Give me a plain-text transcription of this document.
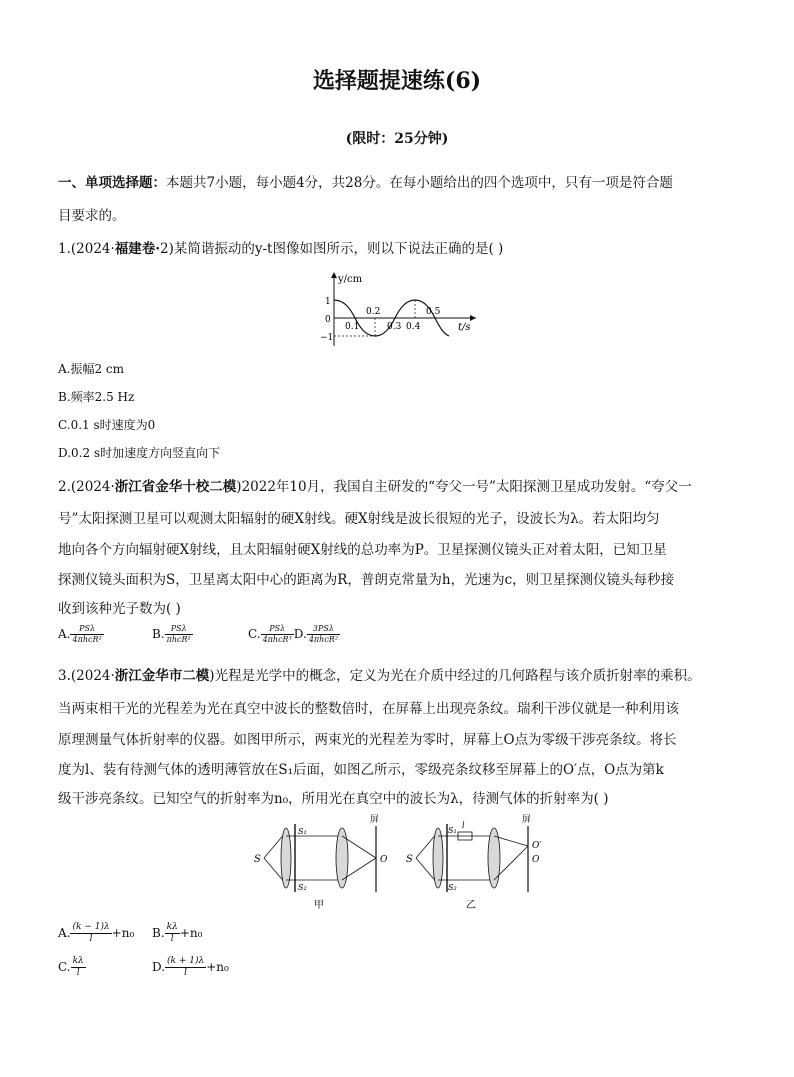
选择题提速练(6)
(限时：25分钟)
一、单项选择题：本题共7小题，每小题4分，共28分。在每小题给出的四个选项中，只有一项是符合题
目要求的。
1.(2024·福建卷·2)某简谐振动的y-t图像如图所示，则以下说法正确的是( )
y/cm
t/s
1
0
−1
0.1
0.2
0.3 0.4
0.5
A.振幅2 cm
B.频率2.5 Hz
C.0.1 s时速度为0
D.0.2 s时加速度方向竖直向下
2.(2024·浙江省金华十校二模)2022年10月，我国自主研发的“夸父一号”太阳探测卫星成功发射。“夸父一
号”太阳探测卫星可以观测太阳辐射的硬X射线。硬X射线是波长很短的光子，设波长为λ。若太阳均匀
地向各个方向辐射硬X射线，且太阳辐射硬X射线的总功率为P。卫星探测仪镜头正对着太阳，已知卫星
探测仪镜头面积为S，卫星离太阳中心的距离为R，普朗克常量为h，光速为c，则卫星探测仪镜头每秒接
收到该种光子数为( )
A. $\frac{\text{PSλ}}{\text{4πhcR²}}$	B. $\frac{\text{PSλ}}{\text{πhcR²}}$	C. $\frac{\text{PSλ}}{\text{4πhcR³}} D$. $\frac{\text{3PSλ}}{\text{4πhcR²}}$
3.(2024·浙江金华市二模)光程是光学中的概念，定义为光在介质中经过的几何路程与该介质折射率的乘积。
当两束相干光的光程差为光在真空中波长的整数倍时，在屏幕上出现亮条纹。瑞利干涉仪就是一种利用该
原理测量气体折射率的仪器。如图甲所示，两束光的光程差为零时，屏幕上O点为零级干涉亮条纹。将长
度为l、装有待测气体的透明薄管放在S₁后面，如图乙所示，零级亮条纹移至屏幕上的O′点，O点为第k
级干涉亮条纹。已知空气的折射率为n₀，所用光在真空中的波长为λ，待测气体的折射率为( )
S
S₁
S₂
屏
O
甲
S
S₁
S₂
l
屏
O′
O
乙
A. $\frac{(k - 1)\lambda}{l} +n_0$ B. $\frac{k\lambda}{l} +n_0$
C. $\frac{k\lambda}{l}$	D. $\frac{(k + 1)\lambda}{l} +n_0$
